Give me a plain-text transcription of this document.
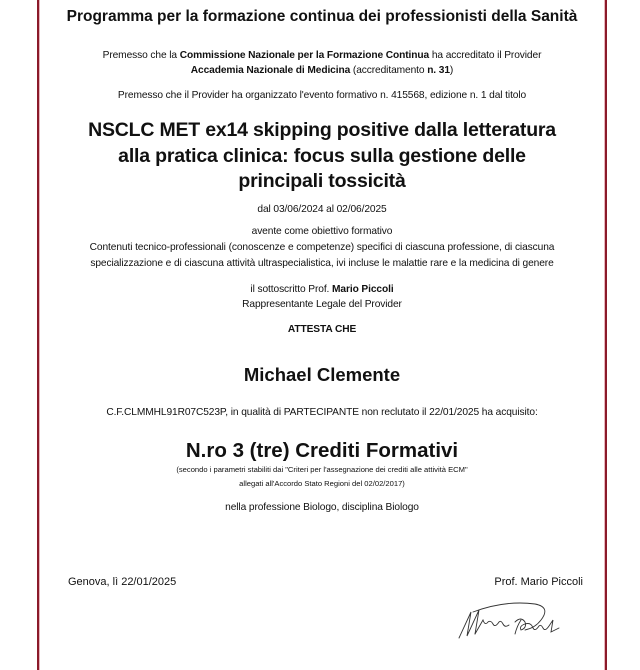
Programma per la formazione continua dei professionisti della Sanità
Premesso che la Commissione Nazionale per la Formazione Continua ha accreditato il Provider
Accademia Nazionale di Medicina (accreditamento n. 31)
Premesso che il Provider ha organizzato l'evento formativo n. 415568, edizione n. 1 dal titolo
NSCLC MET ex14 skipping positive dalla letteratura
alla pratica clinica: focus sulla gestione delle
principali tossicità
dal 03/06/2024 al 02/06/2025
avente come obiettivo formativo
Contenuti tecnico-professionali (conoscenze e competenze) specifici di ciascuna professione, di ciascuna
specializzazione e di ciascuna attività ultraspecialistica, ivi incluse le malattie rare e la medicina di genere
il sottoscritto Prof. Mario Piccoli
Rappresentante Legale del Provider
ATTESTA CHE
Michael Clemente
C.F.CLMMHL91R07C523P, in qualità di PARTECIPANTE non reclutato il 22/01/2025 ha acquisito:
N.ro 3 (tre) Crediti Formativi
(secondo i parametri stabiliti dai "Criteri per l'assegnazione dei crediti alle attività ECM"
allegati all'Accordo Stato Regioni del 02/02/2017)
nella professione Biologo, disciplina Biologo
Genova, lì 22/01/2025	Prof. Mario Piccoli
